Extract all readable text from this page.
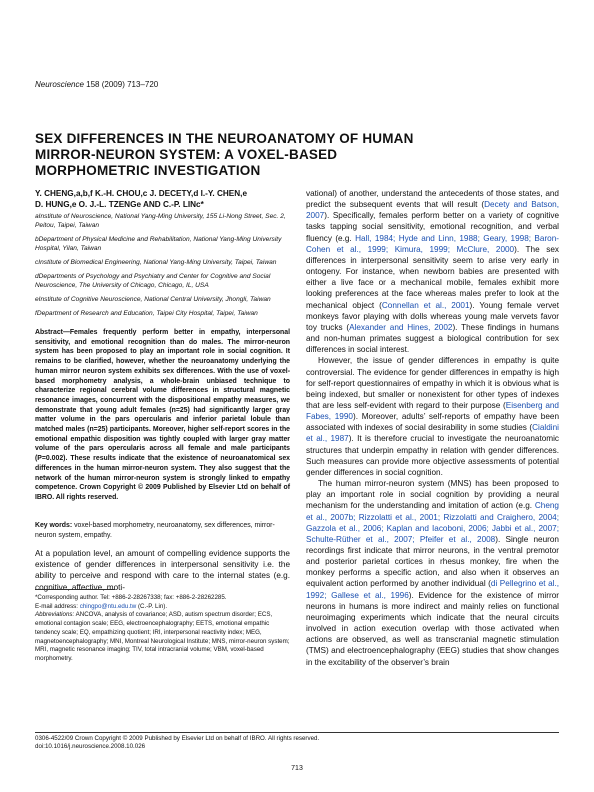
Neuroscience 158 (2009) 713–720
SEX DIFFERENCES IN THE NEUROANATOMY OF HUMAN
MIRROR-NEURON SYSTEM: A VOXEL-BASED
MORPHOMETRIC INVESTIGATION
Y. CHENG,a,b,f K.-H. CHOU,c J. DECETY,d I.-Y. CHEN,e
D. HUNG,e O. J.-L. TZENGe AND C.-P. LINc*

aInstitute of Neuroscience, National Yang-Ming University, 155 Li-Nong Street, Sec. 2, Peitou, Taipei, Taiwan

bDepartment of Physical Medicine and Rehabilitation, National Yang-Ming University Hospital, Yilan, Taiwan

cInstitute of Biomedical Engineering, National Yang-Ming University, Taipei, Taiwan

dDepartments of Psychology and Psychiatry and Center for Cognitive and Social Neuroscience, The University of Chicago, Chicago, IL, USA

eInstitute of Cognitive Neuroscience, National Central University, Jhongli, Taiwan

fDepartment of Research and Education, Taipei City Hospital, Taipei, Taiwan

Abstract—Females frequently perform better in empathy, interpersonal sensitivity, and emotional recognition than do males. The mirror-neuron system has been proposed to play an important role in social cognition. It remains to be clarified, however, whether the neuroanatomy underlying the human mirror neuron system exhibits sex differences. With the use of voxel-based morphometry analysis, a whole-brain unbiased technique to characterize regional cerebral volume differences in structural magnetic resonance images, concurrent with the dispositional empathy measures, we demonstrate that young adult females (n=25) had significantly larger gray matter volume in the pars opercularis and inferior parietal lobule than matched males (n=25) participants. Moreover, higher self-report scores in the emotional empathic disposition was tightly coupled with larger gray matter volume of the pars opercularis across all female and male participants (P=0.002). These results indicate that the existence of neuroanatomical sex differences in the human mirror-neuron system. They also suggest that the network of the human mirror-neuron system is strongly linked to empathy competence. Crown Copyright © 2009 Published by Elsevier Ltd on behalf of IBRO. All rights reserved.
Key words: voxel-based morphometry, neuroanatomy, sex differences, mirror-neuron system, empathy.
At a population level, an amount of compelling evidence supports the existence of gender differences in interpersonal sensitivity i.e. the ability to perceive and respond with care to the internal states (e.g. cognitive, affective, moti-

*Corresponding author. Tel: +886-2-28267338; fax: +886-2-28262285.

E-mail address: chingpo@ntu.edu.tw (C.-P. Lin).

Abbreviations: ANCOVA, analysis of covariance; ASD, autism spectrum disorder; ECS, emotional contagion scale; EEG, electroencephalography; EETS, emotional empathic tendency scale; EQ, empathizing quotient; IRI, interpersonal reactivity index; MEG, magnetoencephalography; MNI, Montreal Neurological Institute; MNS, mirror-neuron system; MRI, magnetic resonance imaging; TIV, total intracranial volume; VBM, voxel-based morphometry.

vational) of another, understand the antecedents of those states, and predict the subsequent events that will result (Decety and Batson, 2007). Specifically, females perform better on a variety of cognitive tasks tapping social sensitivity, emotional recognition, and verbal fluency (e.g. Hall, 1984; Hyde and Linn, 1988; Geary, 1998; Baron-Cohen et al., 1999; Kimura, 1999; McClure, 2000). The sex differences in interpersonal sensitivity seem to arise very early in ontogeny. For instance, when newborn babies are presented with either a live face or a mechanical mobile, females exhibit more looking preferences at the face whereas males prefer to look at the mechanical object (Connellan et al., 2001). Young female vervet monkeys favor playing with dolls whereas young male vervets favor toy trucks (Alexander and Hines, 2002). These findings in humans and non-human primates suggest a biological contribution for sex differences in social interest.

However, the issue of gender differences in empathy is quite controversial. The evidence for gender differences in empathy is high for self-report questionnaires of empathy in which it is obvious what is being indexed, but smaller or nonexistent for other types of indexes that are less self-evident with regard to their purpose (Eisenberg and Fabes, 1990). Moreover, adults’ self-reports of empathy have been associated with indexes of social desirability in some studies (Cialdini et al., 1987). It is therefore crucial to investigate the neuroanatomic structures that underpin empathy in relation with gender differences. Such measures can provide more objective assessments of potential gender differences in social cognition.

The human mirror-neuron system (MNS) has been proposed to play an important role in social cognition by providing a neural mechanism for the understanding and imitation of action (e.g. Cheng et al., 2007b; Rizzolatti et al., 2001; Rizzolatti and Craighero, 2004; Gazzola et al., 2006; Kaplan and Iacoboni, 2006; Jabbi et al., 2007; Schulte-Rüther et al., 2007; Pfeifer et al., 2008). Single neuron recordings first indicate that mirror neurons, in the ventral premotor and posterior parietal cortices in rhesus monkey, fire when the monkey performs a specific action, and also when it observes an equivalent action performed by another individual (di Pellegrino et al., 1992; Gallese et al., 1996). Evidence for the existence of mirror neurons in humans is more indirect and mainly relies on functional neuroimaging experiments which indicate that the neural circuits involved in action execution overlap with those activated when actions are observed, as well as transcranial magnetic stimulation (TMS) and electroencephalography (EEG) studies that show changes in the excitability of the observer’s brain

0306-4522/09 Crown Copyright © 2009 Published by Elsevier Ltd on behalf of IBRO. All rights reserved.
doi:10.1016/j.neuroscience.2008.10.026
713
